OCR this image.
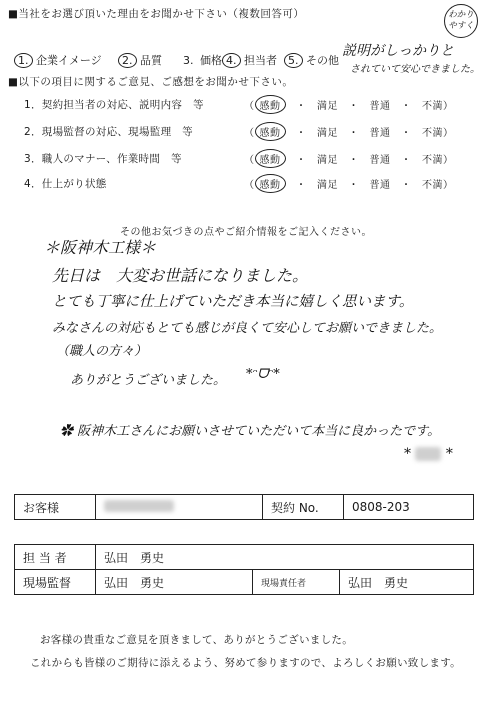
■当社をお選び頂いた理由をお聞かせ下さい（複数回答可）
1. 企業イメージ	2. 品質 3. 価格 4. 担当者	5. その他
説明がしっかりと
されていて安心できました。
わかりやすく
■以下の項目に関するご意見、ご感想をお聞かせ下さい。
1．契約担当者の対応、説明内容　等	（ 感動　・　満足　・　普通　・　不満）
2．現場監督の対応、現場監理　等	（ 感動　・　満足　・　普通　・　不満）
3．職人のマナー、作業時間　等	（ 感動　・　満足　・　普通　・　不満）
4．仕上がり状態	（ 感動　・　満足　・　普通　・　不満）
その他お気づきの点やご紹介情報をご記入ください。
＊阪神木工様＊
先日は　大変お世話になりました。
とても丁寧に仕上げていただき本当に嬉しく思います。
みなさんの対応もとても感じが良くて安心してお願いできました。
（職人の方々）
ありがとうございました。 *ᵔᗜᵔ*
✿ 阪神木工さんにお願いさせていただいて本当に良かったです。
*  *
お客様		契約 No.	0808-203
担 当 者	弘田　勇史		
現場監督	弘田　勇史	現場責任者	弘田　勇史
お客様の貴重なご意見を頂きまして、ありがとうございました。
これからも皆様のご期待に添えるよう、努めて参りますので、よろしくお願い致します。
